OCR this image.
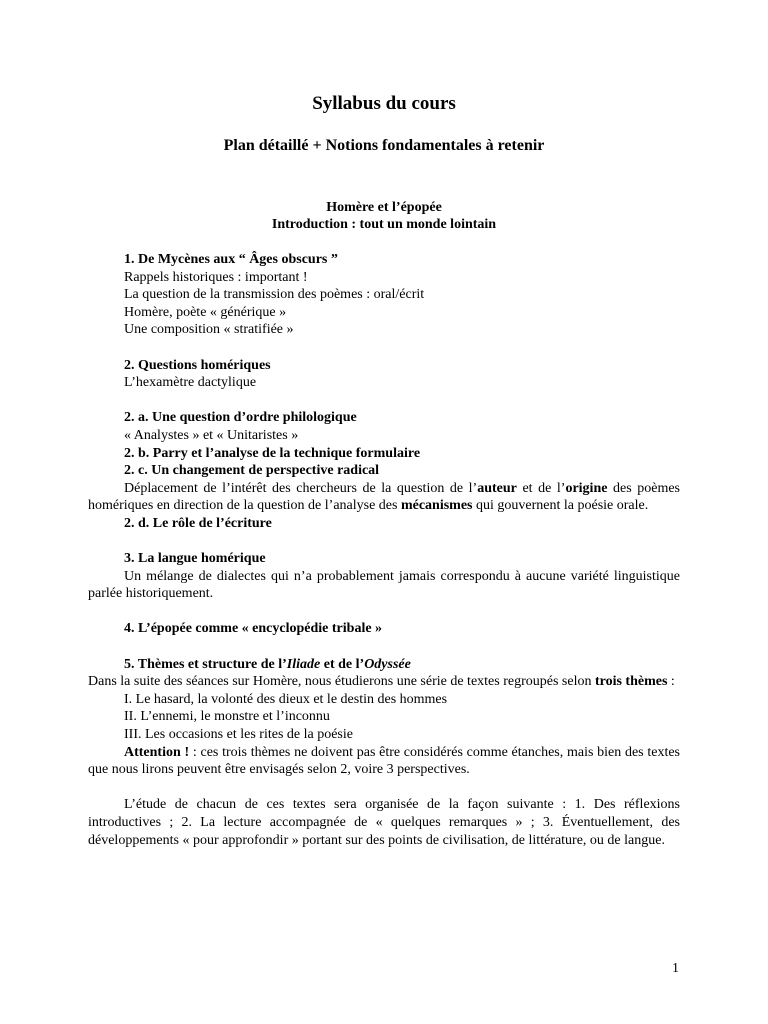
Syllabus du cours
Plan détaillé + Notions fondamentales à retenir
Homère et l’épopée
Introduction : tout un monde lointain
1. De Mycènes aux “ Âges obscurs ”
Rappels historiques : important !
La question de la transmission des poèmes : oral/écrit
Homère, poète « générique »
Une composition « stratifiée »
2. Questions homériques
L’hexamètre dactylique
2. a. Une question d’ordre philologique
« Analystes » et « Unitaristes »
2. b. Parry et l’analyse de la technique formulaire
2. c. Un changement de perspective radical
Déplacement de l’intérêt des chercheurs de la question de l’auteur et de l’origine des poèmes homériques en direction de la question de l’analyse des mécanismes qui gouvernent la poésie orale.
2. d. Le rôle de l’écriture
3. La langue homérique
Un mélange de dialectes qui n’a probablement jamais correspondu à aucune variété linguistique parlée historiquement.
4. L’épopée comme « encyclopédie tribale »
5. Thèmes et structure de l’Iliade et de l’Odyssée
Dans la suite des séances sur Homère, nous étudierons une série de textes regroupés selon trois thèmes :
I. Le hasard, la volonté des dieux et le destin des hommes
II. L’ennemi, le monstre et l’inconnu
III. Les occasions et les rites de la poésie
Attention ! : ces trois thèmes ne doivent pas être considérés comme étanches, mais bien des textes que nous lirons peuvent être envisagés selon 2, voire 3 perspectives.
L’étude de chacun de ces textes sera organisée de la façon suivante : 1. Des réflexions introductives ; 2. La lecture accompagnée de « quelques remarques » ; 3. Éventuellement, des développements « pour approfondir » portant sur des points de civilisation, de littérature, ou de langue.
1
